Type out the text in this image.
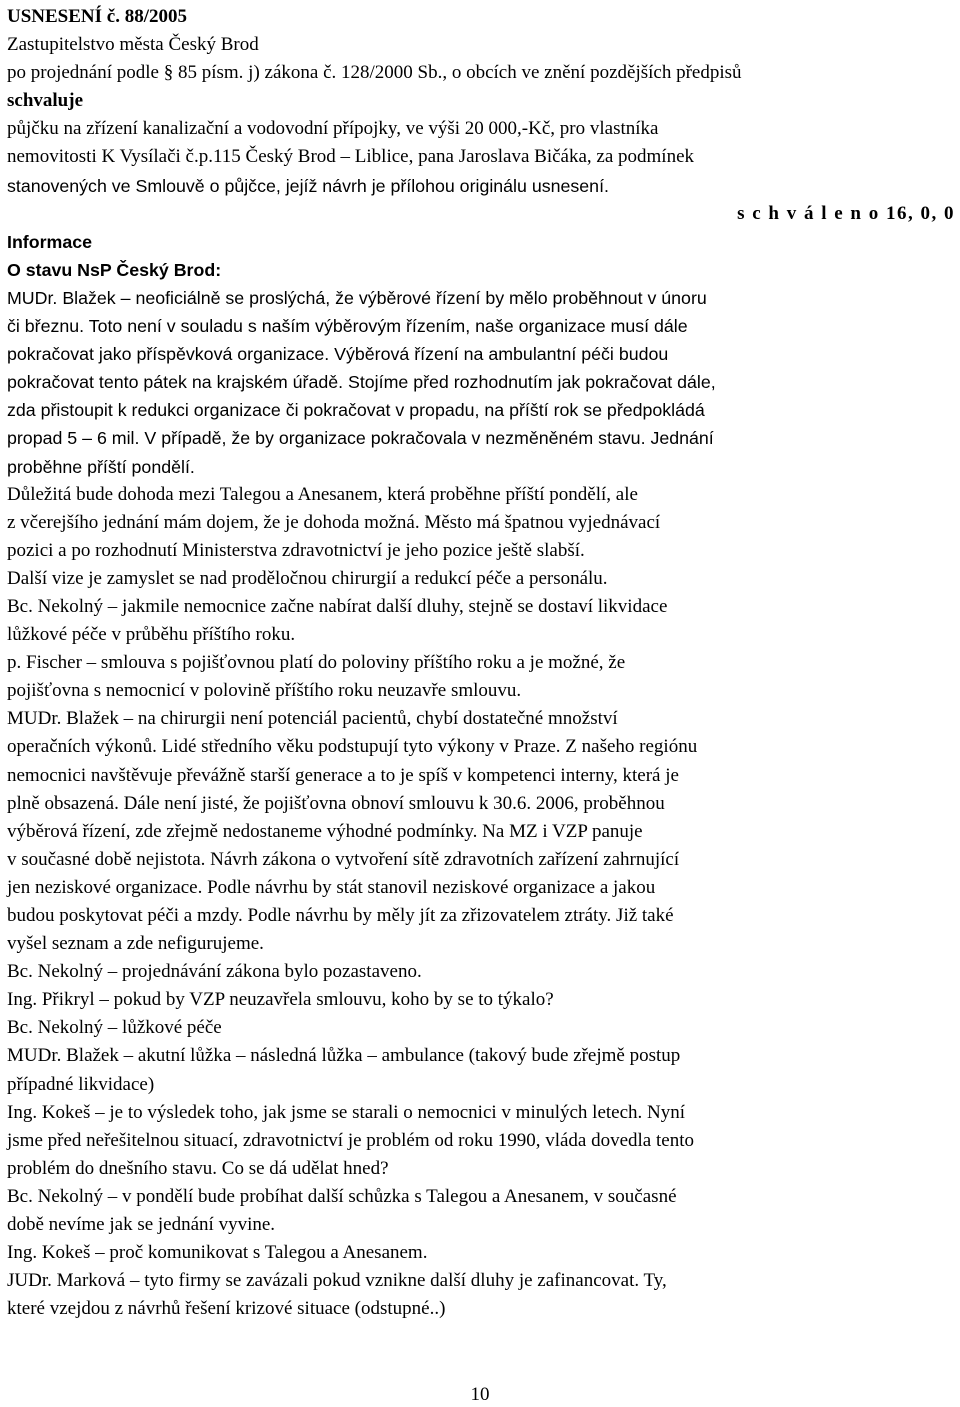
USNESENÍ č. 88/2005
Zastupitelstvo města Český Brod
po projednání podle § 85 písm. j) zákona č. 128/2000 Sb., o obcích ve znění pozdějších předpisů
schvaluje
půjčku na zřízení kanalizační a vodovodní přípojky, ve výši 20 000,-Kč, pro vlastníka
nemovitosti K Vysílači č.p.115 Český Brod – Liblice, pana Jaroslava Bičáka, za podmínek
stanovených ve Smlouvě o půjčce, jejíž návrh je přílohou originálu usnesení.
s c h v á l e n o 16, 0, 0
Informace
O stavu NsP Český Brod:
MUDr. Blažek – neoficiálně se proslýchá, že výběrové řízení by mělo proběhnout v únoru
či březnu. Toto není v souladu s naším výběrovým řízením, naše organizace musí dále
pokračovat jako příspěvková organizace. Výběrová řízení na ambulantní péči budou
pokračovat tento pátek na krajském úřadě. Stojíme před rozhodnutím jak pokračovat dále,
zda přistoupit k redukci organizace či pokračovat v propadu, na příští rok se předpokládá
propad 5 – 6 mil. V případě, že by organizace pokračovala v nezměněném stavu. Jednání
proběhne příští pondělí.
Důležitá bude dohoda mezi Talegou a Anesanem, která proběhne příští pondělí, ale
z včerejšího jednání mám dojem, že je dohoda možná. Město má špatnou vyjednávací
pozici a po rozhodnutí Ministerstva zdravotnictví je jeho pozice ještě slabší.
Další vize je zamyslet se nad proděločnou chirurgií a redukcí péče a personálu.
Bc. Nekolný – jakmile nemocnice začne nabírat další dluhy, stejně se dostaví likvidace
lůžkové péče v průběhu příštího roku.
p. Fischer – smlouva s pojišťovnou platí do poloviny příštího roku a je možné, že
pojišťovna s nemocnicí v polovině příštího roku neuzavře smlouvu.
MUDr. Blažek – na chirurgii není potenciál pacientů, chybí dostatečné množství
operačních výkonů. Lidé středního věku podstupují tyto výkony v Praze. Z našeho regiónu
nemocnici navštěvuje převážně starší generace a to je spíš v kompetenci interny, která je
plně obsazená. Dále není jisté, že pojišťovna obnoví smlouvu k 30.6. 2006, proběhnou
výběrová řízení, zde zřejmě nedostaneme výhodné podmínky. Na MZ i VZP panuje
v současné době nejistota. Návrh zákona o vytvoření sítě zdravotních zařízení zahrnující
jen neziskové organizace. Podle návrhu by stát stanovil neziskové organizace a jakou
budou poskytovat péči a mzdy. Podle návrhu by měly jít za zřizovatelem ztráty. Již také
vyšel seznam a zde nefigurujeme.
Bc. Nekolný – projednávání zákona bylo pozastaveno.
Ing. Přikryl – pokud by VZP neuzavřela smlouvu, koho by se to týkalo?
Bc. Nekolný – lůžkové péče
MUDr. Blažek – akutní lůžka – následná lůžka – ambulance (takový bude zřejmě postup
případné likvidace)
Ing. Kokeš – je to výsledek toho, jak jsme se starali o nemocnici v minulých letech. Nyní
jsme před neřešitelnou situací, zdravotnictví je problém od roku 1990, vláda dovedla tento
problém do dnešního stavu. Co se dá udělat hned?
Bc. Nekolný – v pondělí bude probíhat další schůzka s Talegou a Anesanem, v současné
době nevíme jak se jednání vyvine.
Ing. Kokeš – proč komunikovat s Talegou a Anesanem.
JUDr. Marková – tyto firmy se zavázali pokud vznikne další dluhy je zafinancovat. Ty,
které vzejdou z návrhů řešení krizové situace (odstupné..)
10
